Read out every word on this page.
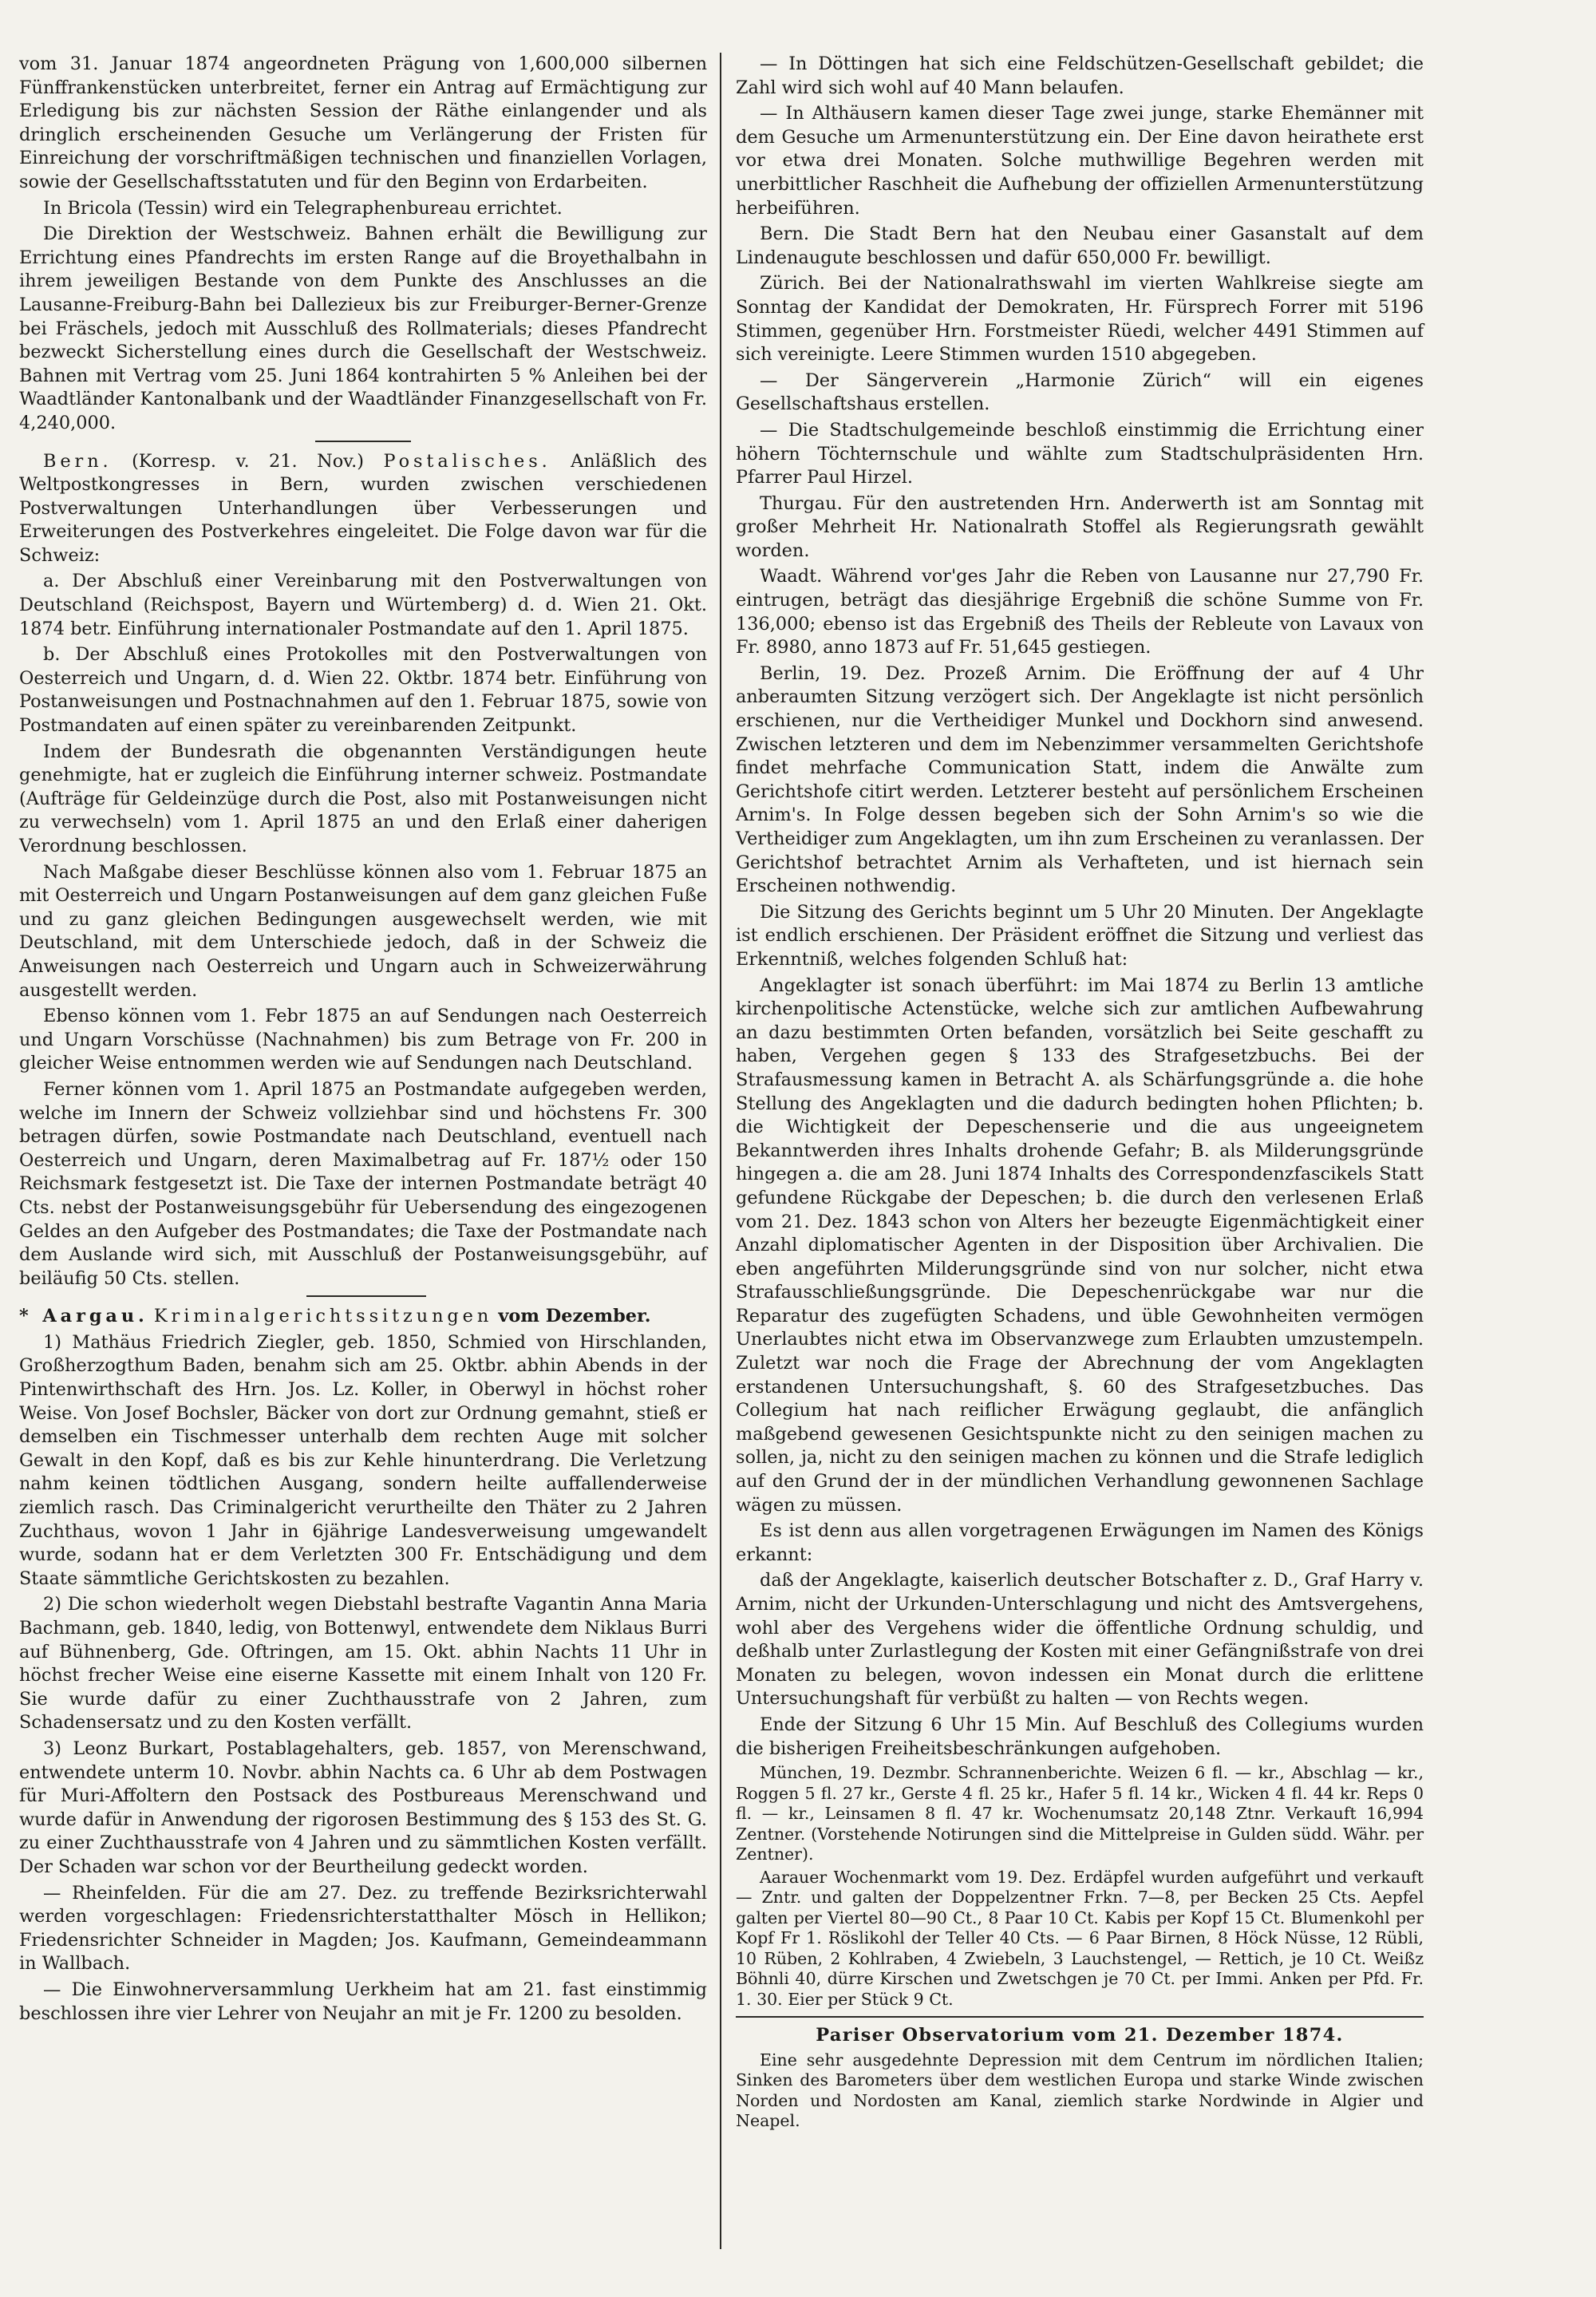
vom 31. Januar 1874 angeordneten Prägung von 1,600,000 silbernen Fünffrankenstücken unterbreitet, ferner ein Antrag auf Ermächtigung zur Erledigung bis zur nächsten Session der Räthe einlangender und als dringlich erscheinenden Gesuche um Verlängerung der Fristen für Einreichung der vorschriftmäßigen technischen und finanziellen Vorlagen, sowie der Gesellschaftsstatuten und für den Beginn von Erdarbeiten.

In Bricola (Tessin) wird ein Telegraphenbureau errichtet.

Die Direktion der Westschweiz. Bahnen erhält die Bewilligung zur Errichtung eines Pfandrechts im ersten Range auf die Broyethalbahn in ihrem jeweiligen Bestande von dem Punkte des Anschlusses an die Lausanne-Freiburg-Bahn bei Dallezieux bis zur Freiburger-Berner-Grenze bei Fräschels, jedoch mit Ausschluß des Rollmaterials; dieses Pfandrecht bezweckt Sicherstellung eines durch die Gesellschaft der Westschweiz. Bahnen mit Vertrag vom 25. Juni 1864 kontrahirten 5 % Anleihen bei der Waadtländer Kantonalbank und der Waadtländer Finanzgesellschaft von Fr. 4,240,000.

Bern. (Korresp. v. 21. Nov.) Postalisches. Anläßlich des Weltpostkongresses in Bern, wurden zwischen verschiedenen Postverwaltungen Unterhandlungen über Verbesserungen und Erweiterungen des Postverkehres eingeleitet. Die Folge davon war für die Schweiz:

a. Der Abschluß einer Vereinbarung mit den Postverwaltungen von Deutschland (Reichspost, Bayern und Würtemberg) d. d. Wien 21. Okt. 1874 betr. Einführung internationaler Postmandate auf den 1. April 1875.

b. Der Abschluß eines Protokolles mit den Postverwaltungen von Oesterreich und Ungarn, d. d. Wien 22. Oktbr. 1874 betr. Einführung von Postanweisungen und Postnachnahmen auf den 1. Februar 1875, sowie von Postmandaten auf einen später zu vereinbarenden Zeitpunkt.

Indem der Bundesrath die obgenannten Verständigungen heute genehmigte, hat er zugleich die Einführung interner schweiz. Postmandate (Aufträge für Geldeinzüge durch die Post, also mit Postanweisungen nicht zu verwechseln) vom 1. April 1875 an und den Erlaß einer daherigen Verordnung beschlossen.

Nach Maßgabe dieser Beschlüsse können also vom 1. Februar 1875 an mit Oesterreich und Ungarn Postanweisungen auf dem ganz gleichen Fuße und zu ganz gleichen Bedingungen ausgewechselt werden, wie mit Deutschland, mit dem Unterschiede jedoch, daß in der Schweiz die Anweisungen nach Oesterreich und Ungarn auch in Schweizerwährung ausgestellt werden.

Ebenso können vom 1. Febr 1875 an auf Sendungen nach Oesterreich und Ungarn Vorschüsse (Nachnahmen) bis zum Betrage von Fr. 200 in gleicher Weise entnommen werden wie auf Sendungen nach Deutschland.

Ferner können vom 1. April 1875 an Postmandate aufgegeben werden, welche im Innern der Schweiz vollziehbar sind und höchstens Fr. 300 betragen dürfen, sowie Postmandate nach Deutschland, eventuell nach Oesterreich und Ungarn, deren Maximalbetrag auf Fr. 187½ oder 150 Reichsmark festgesetzt ist. Die Taxe der internen Postmandate beträgt 40 Cts. nebst der Postanweisungsgebühr für Uebersendung des eingezogenen Geldes an den Aufgeber des Postmandates; die Taxe der Postmandate nach dem Auslande wird sich, mit Ausschluß der Postanweisungsgebühr, auf beiläufig 50 Cts. stellen.

* Aargau. Kriminalgerichtssitzungen vom Dezember.

1) Mathäus Friedrich Ziegler, geb. 1850, Schmied von Hirschlanden, Großherzogthum Baden, benahm sich am 25. Oktbr. abhin Abends in der Pintenwirthschaft des Hrn. Jos. Lz. Koller, in Oberwyl in höchst roher Weise. Von Josef Bochsler, Bäcker von dort zur Ordnung gemahnt, stieß er demselben ein Tischmesser unterhalb dem rechten Auge mit solcher Gewalt in den Kopf, daß es bis zur Kehle hinunterdrang. Die Verletzung nahm keinen tödtlichen Ausgang, sondern heilte auffallenderweise ziemlich rasch. Das Criminalgericht verurtheilte den Thäter zu 2 Jahren Zuchthaus, wovon 1 Jahr in 6jährige Landesverweisung umgewandelt wurde, sodann hat er dem Verletzten 300 Fr. Entschädigung und dem Staate sämmtliche Gerichtskosten zu bezahlen.

2) Die schon wiederholt wegen Diebstahl bestrafte Vagantin Anna Maria Bachmann, geb. 1840, ledig, von Bottenwyl, entwendete dem Niklaus Burri auf Bühnenberg, Gde. Oftringen, am 15. Okt. abhin Nachts 11 Uhr in höchst frecher Weise eine eiserne Kassette mit einem Inhalt von 120 Fr. Sie wurde dafür zu einer Zuchthausstrafe von 2 Jahren, zum Schadensersatz und zu den Kosten verfällt.

3) Leonz Burkart, Postablagehalters, geb. 1857, von Merenschwand, entwendete unterm 10. Novbr. abhin Nachts ca. 6 Uhr ab dem Postwagen für Muri-Affoltern den Postsack des Postbureaus Merenschwand und wurde dafür in Anwendung der rigorosen Bestimmung des § 153 des St. G. zu einer Zuchthausstrafe von 4 Jahren und zu sämmtlichen Kosten verfällt. Der Schaden war schon vor der Beurtheilung gedeckt worden.

— Rheinfelden. Für die am 27. Dez. zu treffende Bezirksrichterwahl werden vorgeschlagen: Friedensrichterstatthalter Mösch in Hellikon; Friedensrichter Schneider in Magden; Jos. Kaufmann, Gemeindeammann in Wallbach.

— Die Einwohnerversammlung Uerkheim hat am 21. fast einstimmig beschlossen ihre vier Lehrer von Neujahr an mit je Fr. 1200 zu besolden.

— In Döttingen hat sich eine Feldschützen-Gesellschaft gebildet; die Zahl wird sich wohl auf 40 Mann belaufen.

— In Althäusern kamen dieser Tage zwei junge, starke Ehemänner mit dem Gesuche um Armenunterstützung ein. Der Eine davon heirathete erst vor etwa drei Monaten. Solche muthwillige Begehren werden mit unerbittlicher Raschheit die Aufhebung der offiziellen Armenunterstützung herbeiführen.

Bern. Die Stadt Bern hat den Neubau einer Gasanstalt auf dem Lindenaugute beschlossen und dafür 650,000 Fr. bewilligt.

Zürich. Bei der Nationalrathswahl im vierten Wahlkreise siegte am Sonntag der Kandidat der Demokraten, Hr. Fürsprech Forrer mit 5196 Stimmen, gegenüber Hrn. Forstmeister Rüedi, welcher 4491 Stimmen auf sich vereinigte. Leere Stimmen wurden 1510 abgegeben.

— Der Sängerverein „Harmonie Zürich“ will ein eigenes Gesellschaftshaus erstellen.

— Die Stadtschulgemeinde beschloß einstimmig die Errichtung einer höhern Töchternschule und wählte zum Stadtschulpräsidenten Hrn. Pfarrer Paul Hirzel.

Thurgau. Für den austretenden Hrn. Anderwerth ist am Sonntag mit großer Mehrheit Hr. Nationalrath Stoffel als Regierungsrath gewählt worden.

Waadt. Während vor'ges Jahr die Reben von Lausanne nur 27,790 Fr. eintrugen, beträgt das diesjährige Ergebniß die schöne Summe von Fr. 136,000; ebenso ist das Ergebniß des Theils der Rebleute von Lavaux von Fr. 8980, anno 1873 auf Fr. 51,645 gestiegen.

Berlin, 19. Dez. Prozeß Arnim. Die Eröffnung der auf 4 Uhr anberaumten Sitzung verzögert sich. Der Angeklagte ist nicht persönlich erschienen, nur die Vertheidiger Munkel und Dockhorn sind anwesend. Zwischen letzteren und dem im Nebenzimmer versammelten Gerichtshofe findet mehrfache Communication Statt, indem die Anwälte zum Gerichtshofe citirt werden. Letzterer besteht auf persönlichem Erscheinen Arnim's. In Folge dessen begeben sich der Sohn Arnim's so wie die Vertheidiger zum Angeklagten, um ihn zum Erscheinen zu veranlassen. Der Gerichtshof betrachtet Arnim als Verhafteten, und ist hiernach sein Erscheinen nothwendig.

Die Sitzung des Gerichts beginnt um 5 Uhr 20 Minuten. Der Angeklagte ist endlich erschienen. Der Präsident eröffnet die Sitzung und verliest das Erkenntniß, welches folgenden Schluß hat:

Angeklagter ist sonach überführt: im Mai 1874 zu Berlin 13 amtliche kirchenpolitische Actenstücke, welche sich zur amtlichen Aufbewahrung an dazu bestimmten Orten befanden, vorsätzlich bei Seite geschafft zu haben, Vergehen gegen § 133 des Strafgesetzbuchs. Bei der Strafausmessung kamen in Betracht A. als Schärfungsgründe a. die hohe Stellung des Angeklagten und die dadurch bedingten hohen Pflichten; b. die Wichtigkeit der Depeschenserie und die aus ungeeignetem Bekanntwerden ihres Inhalts drohende Gefahr; B. als Milderungsgründe hingegen a. die am 28. Juni 1874 Inhalts des Correspondenzfascikels Statt gefundene Rückgabe der Depeschen; b. die durch den verlesenen Erlaß vom 21. Dez. 1843 schon von Alters her bezeugte Eigenmächtigkeit einer Anzahl diplomatischer Agenten in der Disposition über Archivalien. Die eben angeführten Milderungsgründe sind von nur solcher, nicht etwa Strafausschließungsgründe. Die Depeschenrückgabe war nur die Reparatur des zugefügten Schadens, und üble Gewohnheiten vermögen Unerlaubtes nicht etwa im Observanzwege zum Erlaubten umzustempeln. Zuletzt war noch die Frage der Abrechnung der vom Angeklagten erstandenen Untersuchungshaft, §. 60 des Strafgesetzbuches. Das Collegium hat nach reiflicher Erwägung geglaubt, die anfänglich maßgebend gewesenen Gesichtspunkte nicht zu den seinigen machen zu sollen, ja, nicht zu den seinigen machen zu können und die Strafe lediglich auf den Grund der in der mündlichen Verhandlung gewonnenen Sachlage wägen zu müssen.

Es ist denn aus allen vorgetragenen Erwägungen im Namen des Königs erkannt:

daß der Angeklagte, kaiserlich deutscher Botschafter z. D., Graf Harry v. Arnim, nicht der Urkunden-Unterschlagung und nicht des Amtsvergehens, wohl aber des Vergehens wider die öffentliche Ordnung schuldig, und deßhalb unter Zurlastlegung der Kosten mit einer Gefängnißstrafe von drei Monaten zu belegen, wovon indessen ein Monat durch die erlittene Untersuchungshaft für verbüßt zu halten — von Rechts wegen.

Ende der Sitzung 6 Uhr 15 Min. Auf Beschluß des Collegiums wurden die bisherigen Freiheitsbeschränkungen aufgehoben.

München, 19. Dezmbr. Schrannenberichte. Weizen 6 fl. — kr., Abschlag — kr., Roggen 5 fl. 27 kr., Gerste 4 fl. 25 kr., Hafer 5 fl. 14 kr., Wicken 4 fl. 44 kr. Reps 0 fl. — kr., Leinsamen 8 fl. 47 kr. Wochenumsatz 20,148 Ztnr. Verkauft 16,994 Zentner. (Vorstehende Notirungen sind die Mittelpreise in Gulden südd. Währ. per Zentner).

Aarauer Wochenmarkt vom 19. Dez. Erdäpfel wurden aufgeführt und verkauft — Zntr. und galten der Doppelzentner Frkn. 7—8, per Becken 25 Cts. Aepfel galten per Viertel 80—90 Ct., 8 Paar 10 Ct. Kabis per Kopf 15 Ct. Blumenkohl per Kopf Fr 1. Röslikohl der Teller 40 Cts. — 6 Paar Birnen, 8 Höck Nüsse, 12 Rübli, 10 Rüben, 2 Kohlraben, 4 Zwiebeln, 3 Lauchstengel, — Rettich, je 10 Ct. Weißz Böhnli 40, dürre Kirschen und Zwetschgen je 70 Ct. per Immi. Anken per Pfd. Fr. 1. 30. Eier per Stück 9 Ct.

Pariser Observatorium vom 21. Dezember 1874.

Eine sehr ausgedehnte Depression mit dem Centrum im nördlichen Italien; Sinken des Barometers über dem westlichen Europa und starke Winde zwischen Norden und Nordosten am Kanal, ziemlich starke Nordwinde in Algier und Neapel.
